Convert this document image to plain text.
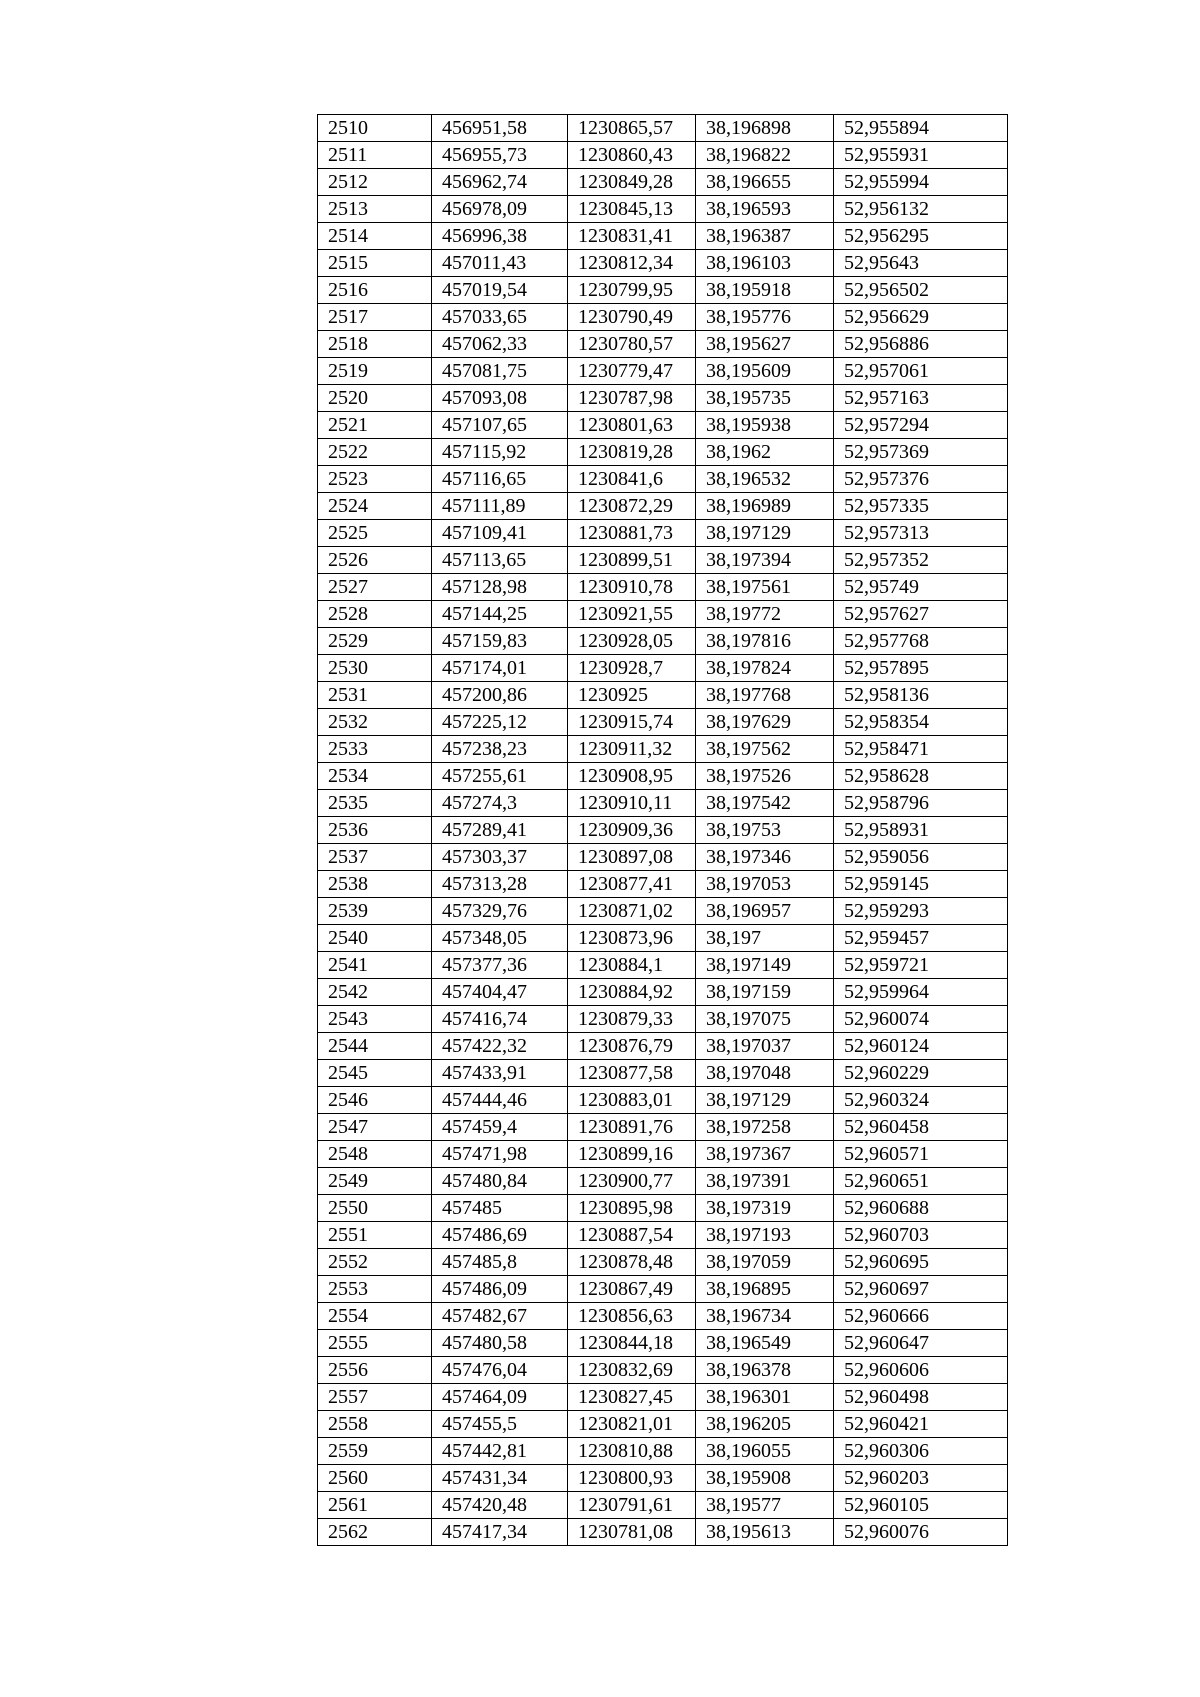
2510	456951,58	1230865,57	38,196898	52,955894
2511	456955,73	1230860,43	38,196822	52,955931
2512	456962,74	1230849,28	38,196655	52,955994
2513	456978,09	1230845,13	38,196593	52,956132
2514	456996,38	1230831,41	38,196387	52,956295
2515	457011,43	1230812,34	38,196103	52,95643
2516	457019,54	1230799,95	38,195918	52,956502
2517	457033,65	1230790,49	38,195776	52,956629
2518	457062,33	1230780,57	38,195627	52,956886
2519	457081,75	1230779,47	38,195609	52,957061
2520	457093,08	1230787,98	38,195735	52,957163
2521	457107,65	1230801,63	38,195938	52,957294
2522	457115,92	1230819,28	38,1962	52,957369
2523	457116,65	1230841,6	38,196532	52,957376
2524	457111,89	1230872,29	38,196989	52,957335
2525	457109,41	1230881,73	38,197129	52,957313
2526	457113,65	1230899,51	38,197394	52,957352
2527	457128,98	1230910,78	38,197561	52,95749
2528	457144,25	1230921,55	38,19772	52,957627
2529	457159,83	1230928,05	38,197816	52,957768
2530	457174,01	1230928,7	38,197824	52,957895
2531	457200,86	1230925	38,197768	52,958136
2532	457225,12	1230915,74	38,197629	52,958354
2533	457238,23	1230911,32	38,197562	52,958471
2534	457255,61	1230908,95	38,197526	52,958628
2535	457274,3	1230910,11	38,197542	52,958796
2536	457289,41	1230909,36	38,19753	52,958931
2537	457303,37	1230897,08	38,197346	52,959056
2538	457313,28	1230877,41	38,197053	52,959145
2539	457329,76	1230871,02	38,196957	52,959293
2540	457348,05	1230873,96	38,197	52,959457
2541	457377,36	1230884,1	38,197149	52,959721
2542	457404,47	1230884,92	38,197159	52,959964
2543	457416,74	1230879,33	38,197075	52,960074
2544	457422,32	1230876,79	38,197037	52,960124
2545	457433,91	1230877,58	38,197048	52,960229
2546	457444,46	1230883,01	38,197129	52,960324
2547	457459,4	1230891,76	38,197258	52,960458
2548	457471,98	1230899,16	38,197367	52,960571
2549	457480,84	1230900,77	38,197391	52,960651
2550	457485	1230895,98	38,197319	52,960688
2551	457486,69	1230887,54	38,197193	52,960703
2552	457485,8	1230878,48	38,197059	52,960695
2553	457486,09	1230867,49	38,196895	52,960697
2554	457482,67	1230856,63	38,196734	52,960666
2555	457480,58	1230844,18	38,196549	52,960647
2556	457476,04	1230832,69	38,196378	52,960606
2557	457464,09	1230827,45	38,196301	52,960498
2558	457455,5	1230821,01	38,196205	52,960421
2559	457442,81	1230810,88	38,196055	52,960306
2560	457431,34	1230800,93	38,195908	52,960203
2561	457420,48	1230791,61	38,19577	52,960105
2562	457417,34	1230781,08	38,195613	52,960076
